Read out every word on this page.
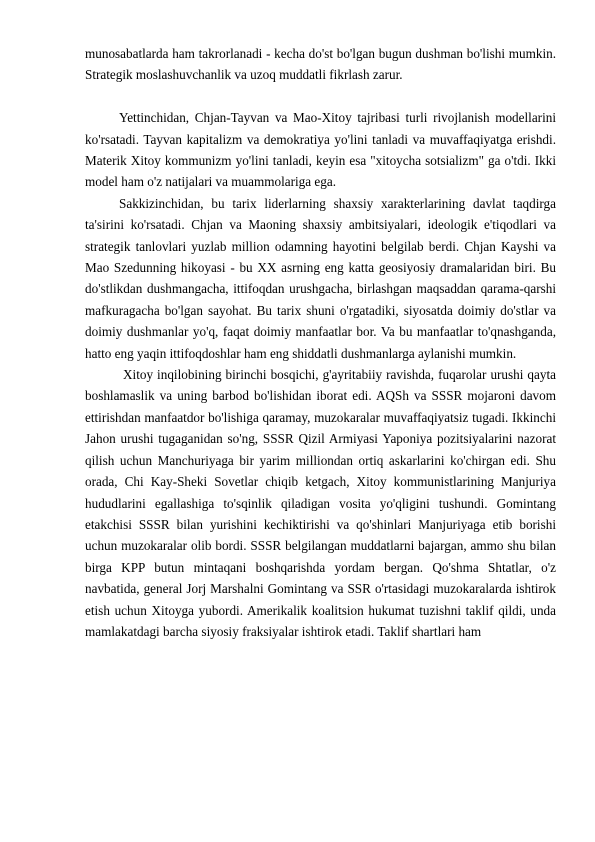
munosabatlarda ham takrorlanadi - kecha do'st bo'lgan bugun dushman bo'lishi mumkin. Strategik moslashuvchanlik va uzoq muddatli fikrlash zarur.

Yettinchidan, Chjan-Tayvan va Mao-Xitoy tajribasi turli rivojlanish modellarini ko'rsatadi. Tayvan kapitalizm va demokratiya yo'lini tanladi va muvaffaqiyatga erishdi. Materik Xitoy kommunizm yo'lini tanladi, keyin esa "xitoycha sotsializm" ga o'tdi. Ikki model ham o'z natijalari va muammolariga ega.

Sakkizinchidan, bu tarix liderlarning shaxsiy xarakterlarining davlat taqdirga ta'sirini ko'rsatadi. Chjan va Maoning shaxsiy ambitsiyalari, ideologik e'tiqodlari va strategik tanlovlari yuzlab million odamning hayotini belgilab berdi. Chjan Kayshi va Mao Szedunning hikoyasi - bu XX asrning eng katta geosiyosiy dramalaridan biri. Bu do'stlikdan dushmangacha, ittifoqdan urushgacha, birlashgan maqsaddan qarama-qarshi mafkuragacha bo'lgan sayohat. Bu tarix shuni o'rgatadiki, siyosatda doimiy do'stlar va doimiy dushmanlar yo'q, faqat doimiy manfaatlar bor. Va bu manfaatlar to'qnashganda, hatto eng yaqin ittifoqdoshlar ham eng shiddatli dushmanlarga aylanishi mumkin.

Xitoy inqilobining birinchi bosqichi, g'ayritabiiy ravishda, fuqarolar urushi qayta boshlamaslik va uning barbod bo'lishidan iborat edi. AQSh va SSSR mojaroni davom ettirishdan manfaatdor bo'lishiga qaramay, muzokaralar muvaffaqiyatsiz tugadi. Ikkinchi Jahon urushi tugaganidan so'ng, SSSR Qizil Armiyasi Yaponiya pozitsiyalarini nazorat qilish uchun Manchuriyaga bir yarim milliondan ortiq askarlarini ko'chirgan edi. Shu orada, Chi Kay-Sheki Sovetlar chiqib ketgach, Xitoy kommunistlarining Manjuriya hududlarini egallashiga to'sqinlik qiladigan vosita yo'qligini tushundi. Gomintang etakchisi SSSR bilan yurishini kechiktirishi va qo'shinlari Manjuriyaga etib borishi uchun muzokaralar olib bordi. SSSR belgilangan muddatlarni bajargan, ammo shu bilan birga KPP butun mintaqani boshqarishda yordam bergan. Qo'shma Shtatlar, o'z navbatida, general Jorj Marshalni Gomintang va SSR o'rtasidagi muzokaralarda ishtirok etish uchun Xitoyga yubordi. Amerikalik koalitsion hukumat tuzishni taklif qildi, unda mamlakatdagi barcha siyosiy fraksiyalar ishtirok etadi. Taklif shartlari ham
